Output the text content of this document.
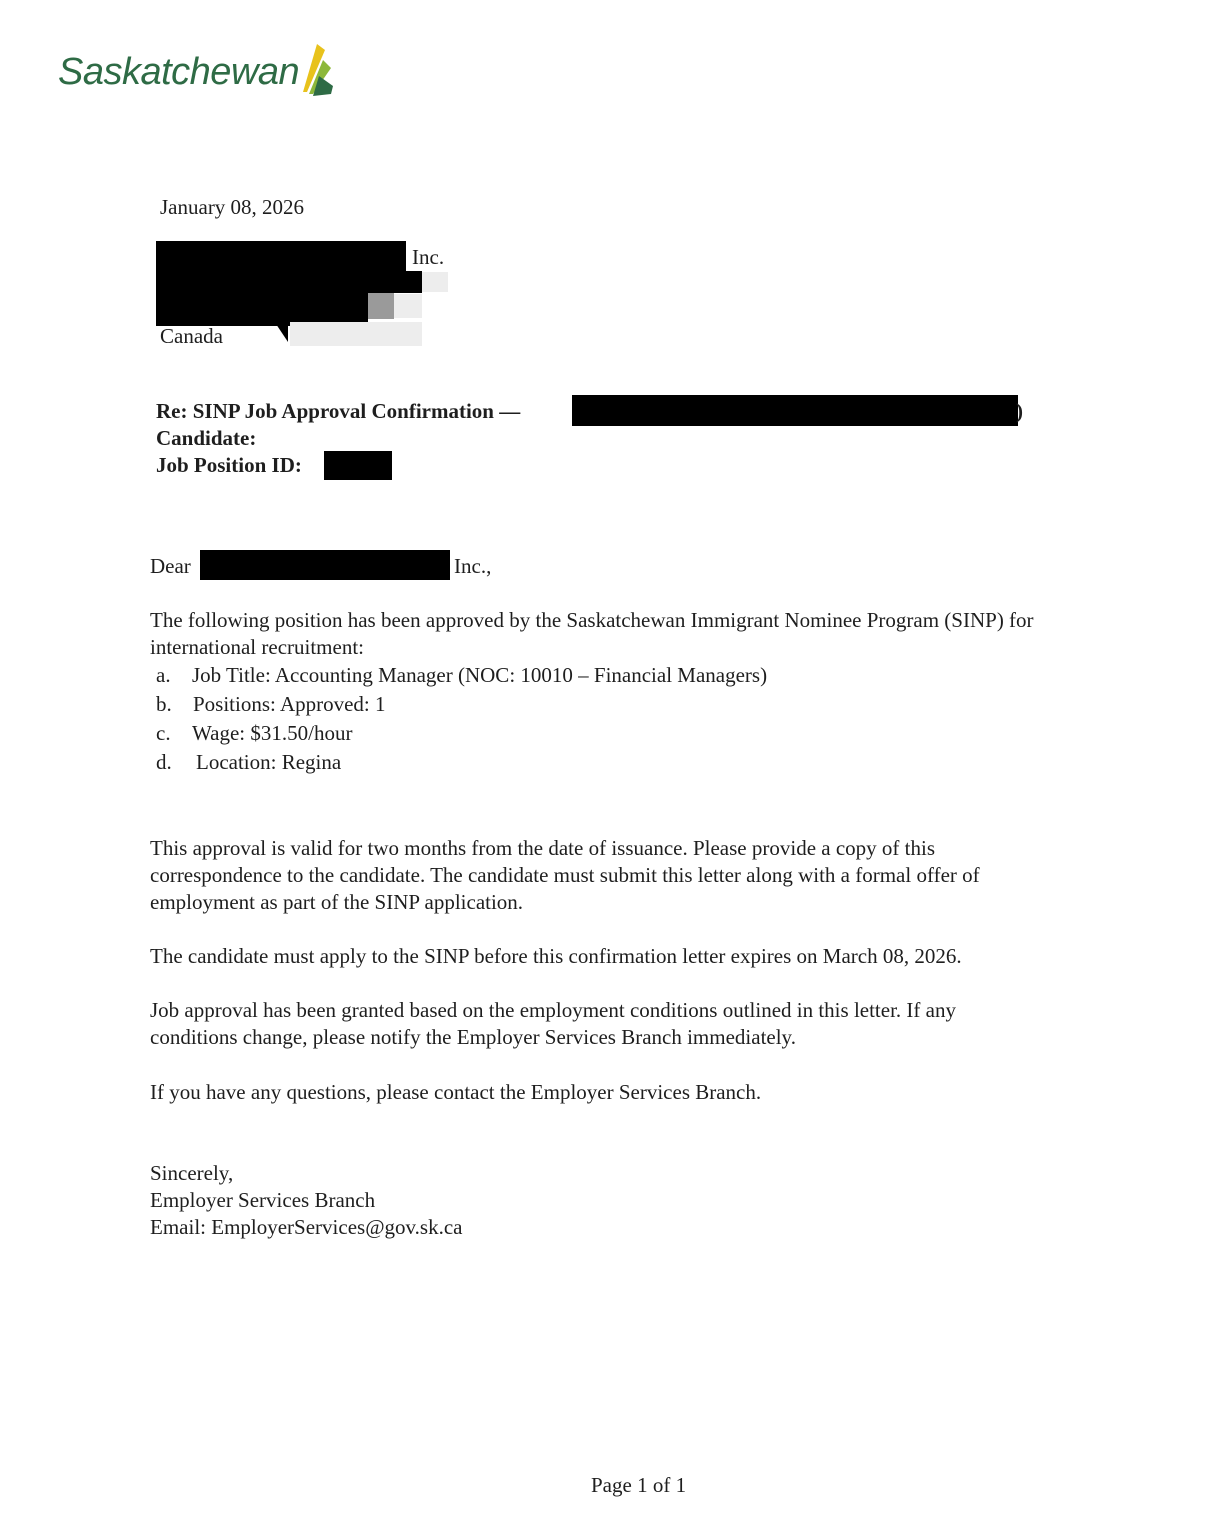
Saskatchewan
January 08, 2026
Inc.
Canada
Re: SINP Job Approval Confirmation —	)
Candidate:
Job Position ID:
Dear	Inc.,
The following position has been approved by the Saskatchewan Immigrant Nominee Program (SINP) for
international recruitment:
a. Job Title: Accounting Manager (NOC: 10010 – Financial Managers)
b. Positions: Approved: 1
c. Wage: $31.50/hour
d. Location: Regina
This approval is valid for two months from the date of issuance. Please provide a copy of this
correspondence to the candidate. The candidate must submit this letter along with a formal offer of
employment as part of the SINP application.
The candidate must apply to the SINP before this confirmation letter expires on March 08, 2026.
Job approval has been granted based on the employment conditions outlined in this letter. If any
conditions change, please notify the Employer Services Branch immediately.
If you have any questions, please contact the Employer Services Branch.
Sincerely,
Employer Services Branch
Email: EmployerServices@gov.sk.ca
Page 1 of 1
